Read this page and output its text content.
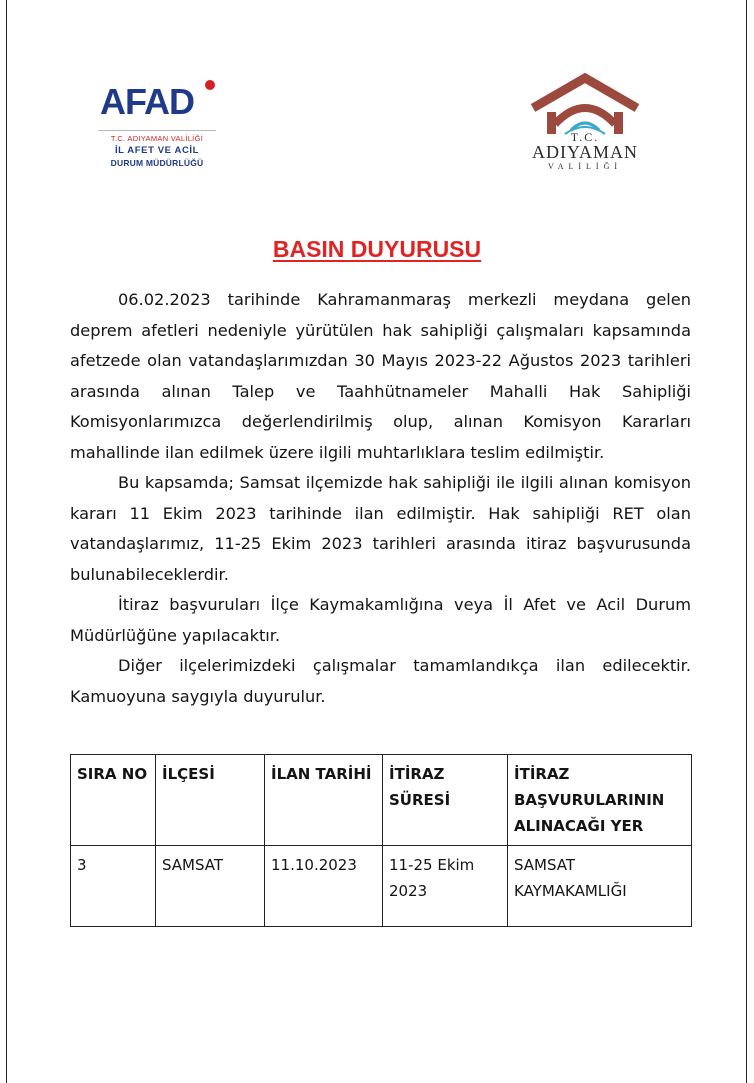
AFAD
T.C. ADIYAMAN VALİLİĞİ
İL AFET VE ACİL
DURUM MÜDÜRLÜĞÜ
T.C.
ADIYAMAN
VALİLİĞİ
BASIN DUYURUSU

06.02.2023 tarihinde Kahramanmaraş merkezli meydana gelen deprem afetleri nedeniyle yürütülen hak sahipliği çalışmaları kapsamında afetzede olan vatandaşlarımızdan 30 Mayıs 2023-22 Ağustos 2023 tarihleri arasında alınan Talep ve Taahhütnameler Mahalli Hak Sahipliği Komisyonlarımızca değerlendirilmiş olup, alınan Komisyon Kararları mahallinde ilan edilmek üzere ilgili muhtarlıklara teslim edilmiştir.

Bu kapsamda; Samsat ilçemizde hak sahipliği ile ilgili alınan komisyon kararı 11 Ekim 2023 tarihinde ilan edilmiştir. Hak sahipliği RET olan vatandaşlarımız, 11-25 Ekim 2023 tarihleri arasında itiraz başvurusunda bulunabileceklerdir.

İtiraz başvuruları İlçe Kaymakamlığına veya İl Afet ve Acil Durum Müdürlüğüne yapılacaktır.

Diğer ilçelerimizdeki çalışmalar tamamlandıkça ilan edilecektir. Kamuoyuna saygıyla duyurulur.

SIRA NO	İLÇESİ	İLAN TARİHİ	İTİRAZ SÜRESİ	İTİRAZ BAŞVURULARININ ALINACAĞI YER
3	SAMSAT	11.10.2023	11-25 Ekim 2023	SAMSAT KAYMAKAMLIĞI
